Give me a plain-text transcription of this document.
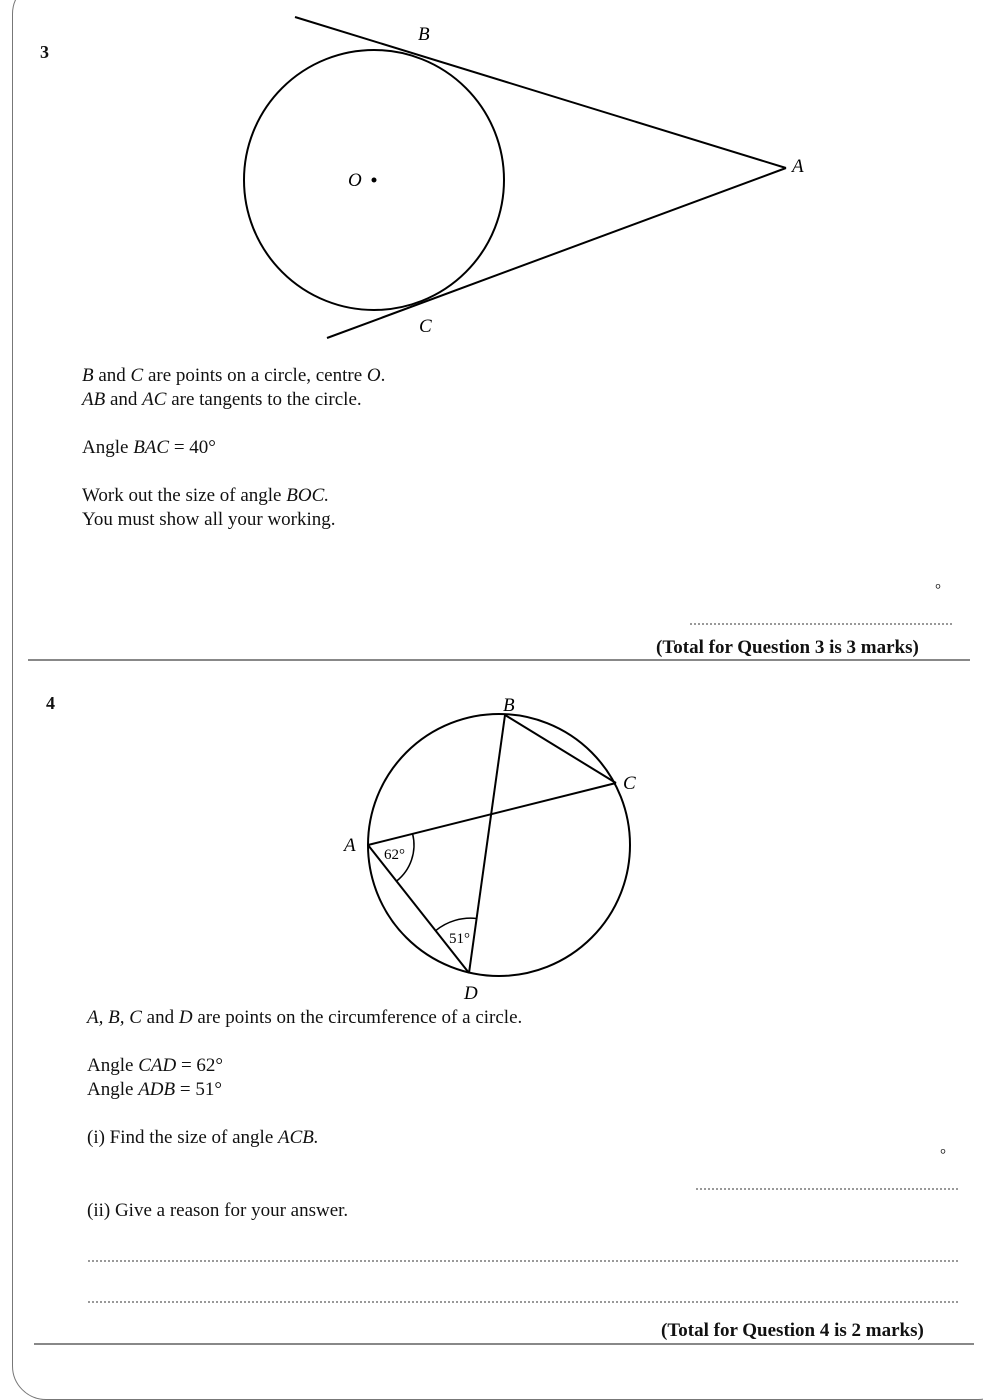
3
B
A
O
C
B and C are points on a circle, centre O.
AB and AC are tangents to the circle.
Angle BAC = 40°
Work out the size of angle BOC.
You must show all your working.
°
(Total for Question 3 is 3 marks)
4	B
C
A
D
62°
51°
A, B, C and D are points on the circumference of a circle.
Angle CAD = 62°
Angle ADB = 51°
(i) Find the size of angle ACB.
°
(ii) Give a reason for your answer.
(Total for Question 4 is 2 marks)
